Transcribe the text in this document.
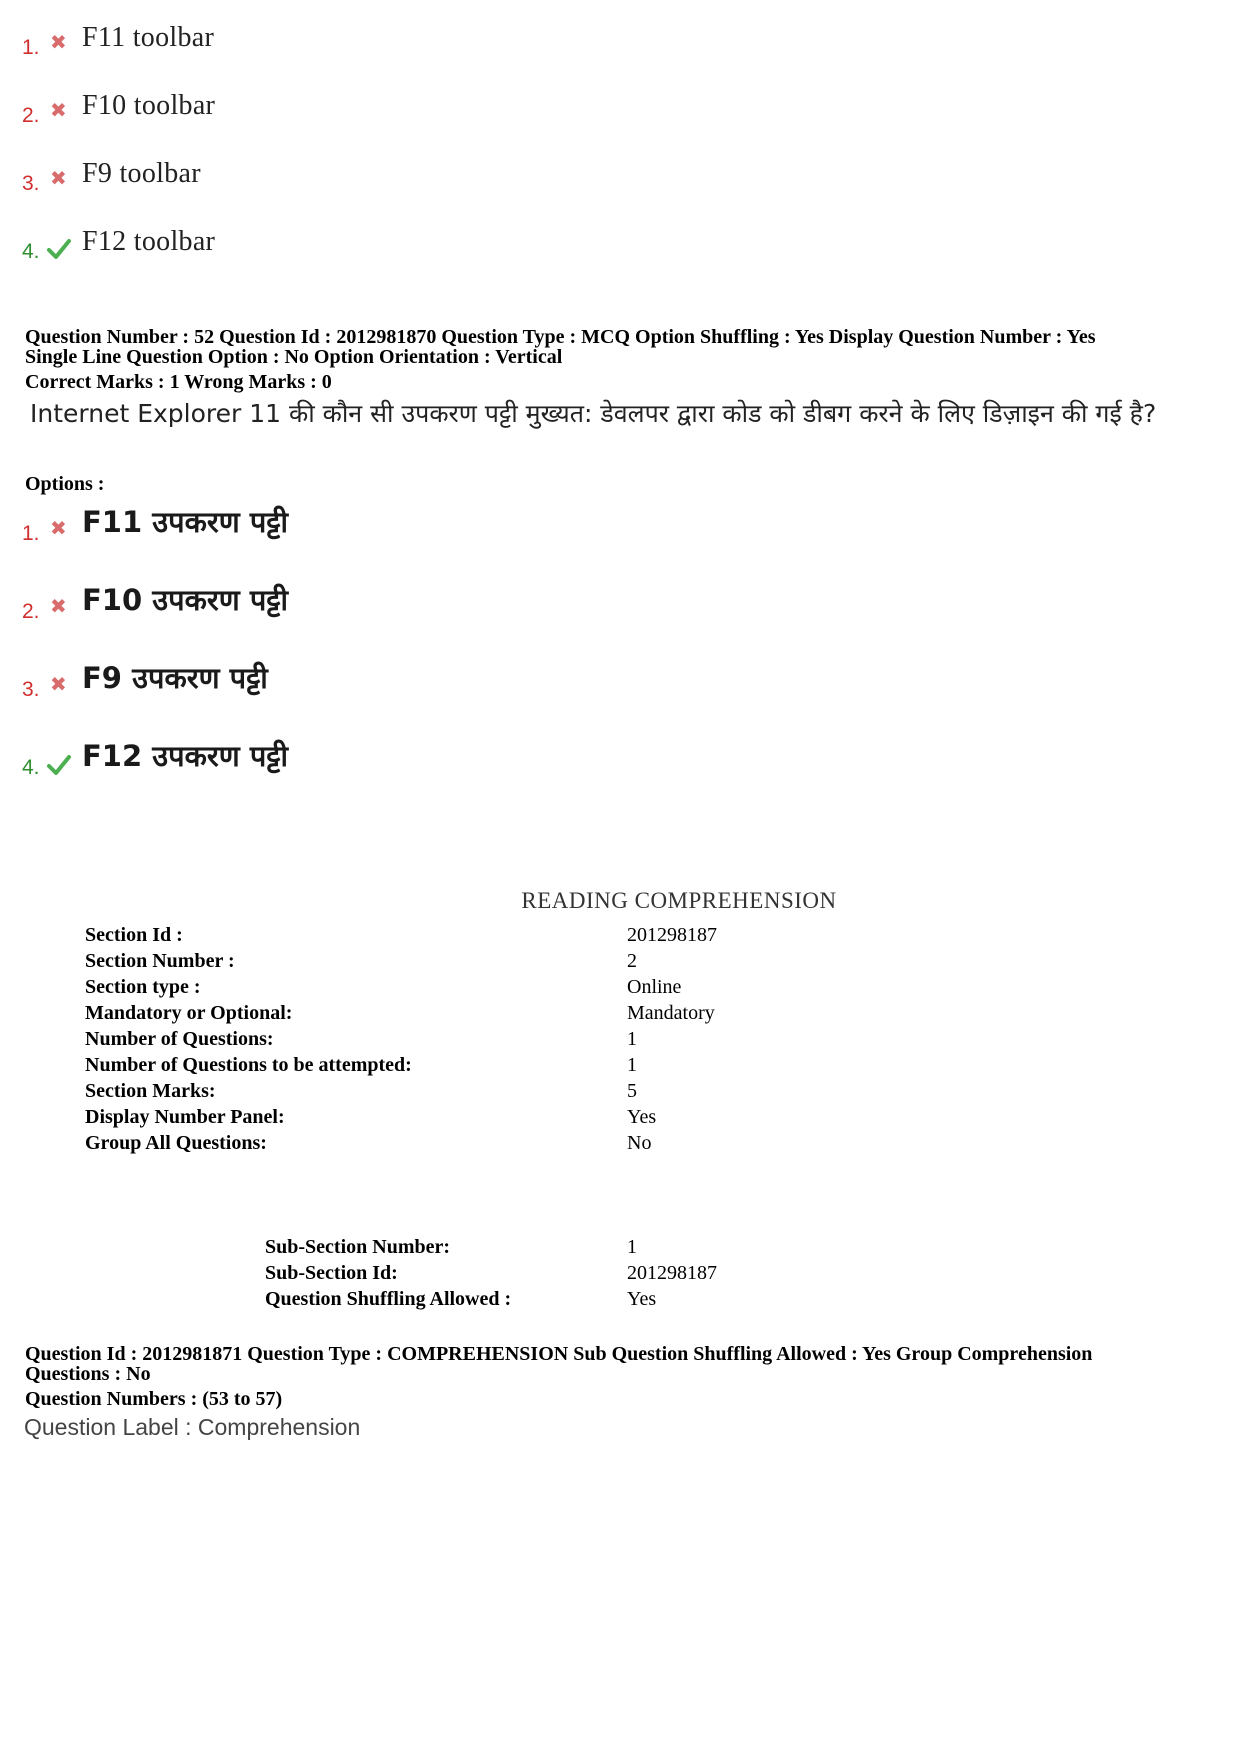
1. ✖ F11 toolbar
2. ✖ F10 toolbar
3. ✖ F9 toolbar
4. F12 toolbar
Question Number : 52 Question Id : 2012981870 Question Type : MCQ Option Shuffling : Yes Display Question Number : Yes
Single Line Question Option : No Option Orientation : Vertical
Correct Marks : 1 Wrong Marks : 0
Internet Explorer 11 की कौन सी उपकरण पट्टी मुख्यत: डेवलपर द्वारा कोड को डीबग करने के लिए डिज़ाइन की गई है?
Options :
1. ✖ F11 उपकरण पट्टी
2. ✖ F10 उपकरण पट्टी
3. ✖ F9 उपकरण पट्टी
4. F12 उपकरण पट्टी
READING COMPREHENSION
Section Id :	201298187
Section Number :	2
Section type :	Online
Mandatory or Optional:	Mandatory
Number of Questions:	1
Number of Questions to be attempted:	1
Section Marks:	5
Display Number Panel:	Yes
Group All Questions:	No
Sub-Section Number:	1
Sub-Section Id:	201298187
Question Shuffling Allowed :	Yes
Question Id : 2012981871 Question Type : COMPREHENSION Sub Question Shuffling Allowed : Yes Group Comprehension
Questions : No
Question Numbers : (53 to 57)
Question Label : Comprehension
